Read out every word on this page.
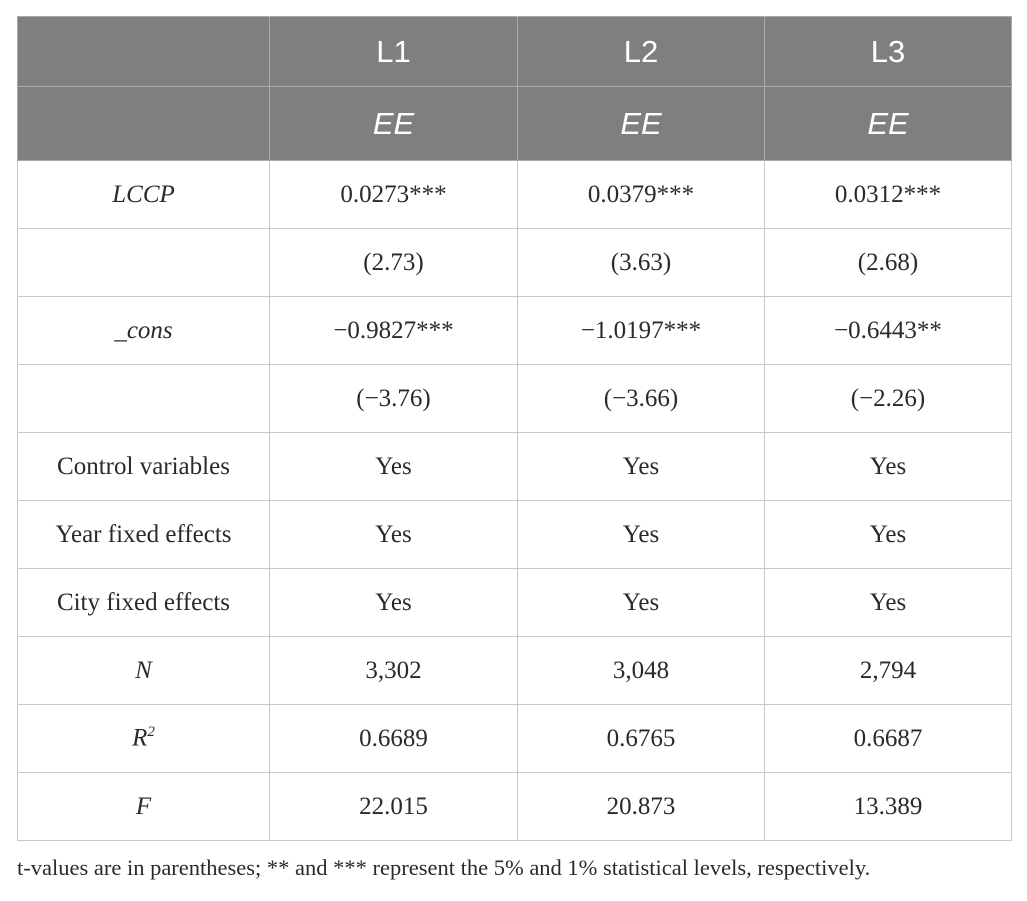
	L1	L2	L3
	EE	EE	EE
LCCP	0.0273***	0.0379***	0.0312***
	(2.73)	(3.63)	(2.68)
_cons	−0.9827***	−1.0197***	−0.6443**
	(−3.76)	(−3.66)	(−2.26)
Control variables	Yes	Yes	Yes
Year fixed effects	Yes	Yes	Yes
City fixed effects	Yes	Yes	Yes
N	3,302	3,048	2,794
$R^2$	0.6689	0.6765	0.6687
F	22.015	20.873	13.389
t-values are in parentheses; ** and *** represent the 5% and 1% statistical levels, respectively.
